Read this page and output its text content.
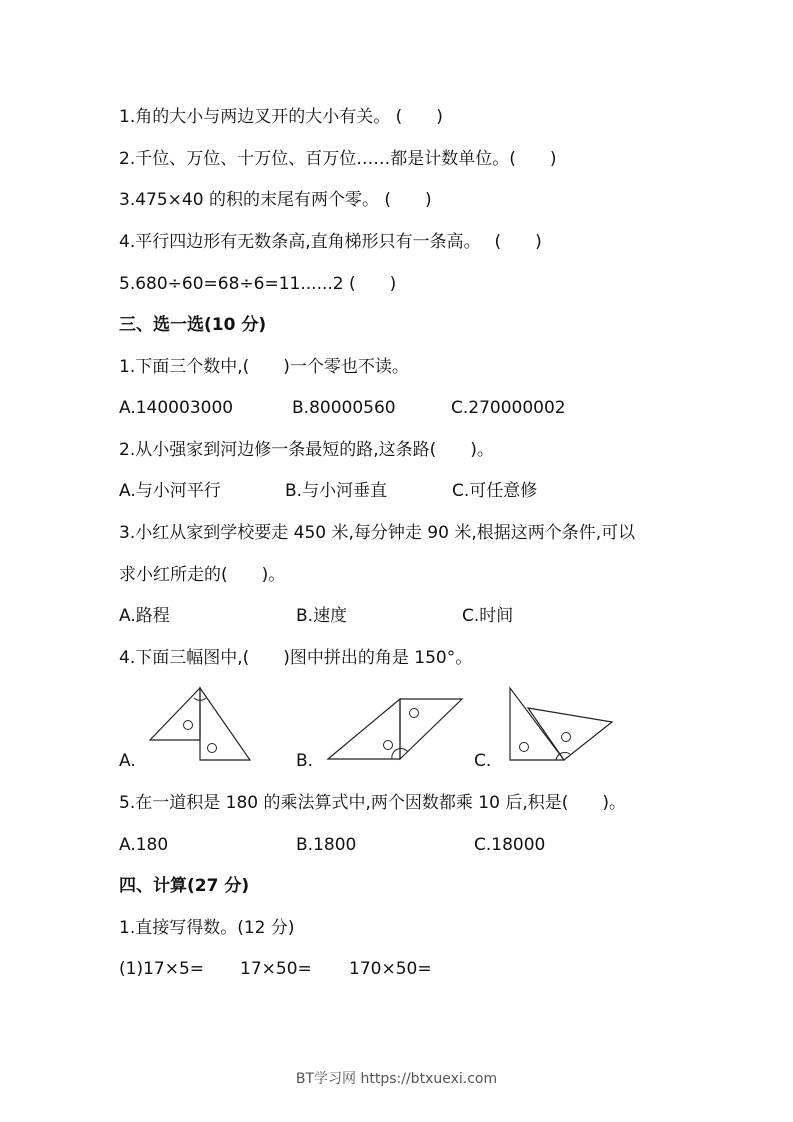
1.角的大小与两边叉开的大小有关。 (　　)
2.千位、万位、十万位、百万位……都是计数单位。(　　)
3.475×40 的积的末尾有两个零。 (　　)
4.平行四边形有无数条高,直角梯形只有一条高。　 (　　)
5.680÷60=68÷6=11......2 (　　)
三、选一选(10 分)
1.下面三个数中,(　　)一个零也不读。
A.140003000	B.80000560	C.270000002
2.从小强家到河边修一条最短的路,这条路(　　)。
A.与小河平行	B.与小河垂直	C.可任意修
3.小红从家到学校要走 450 米,每分钟走 90 米,根据这两个条件,可以
求小红所走的(　　)。
A.路程	B.速度	C.时间
4.下面三幅图中,(　　)图中拼出的角是 150°。
A.	B.	C.
5.在一道积是 180 的乘法算式中,两个因数都乘 10 后,积是(　　)。
A.180	B.1800	C.18000
四、计算(27 分)
1.直接写得数。(12 分)
(1)17×5= 17×50= 170×50=
BT学习网 https://btxuexi.com
